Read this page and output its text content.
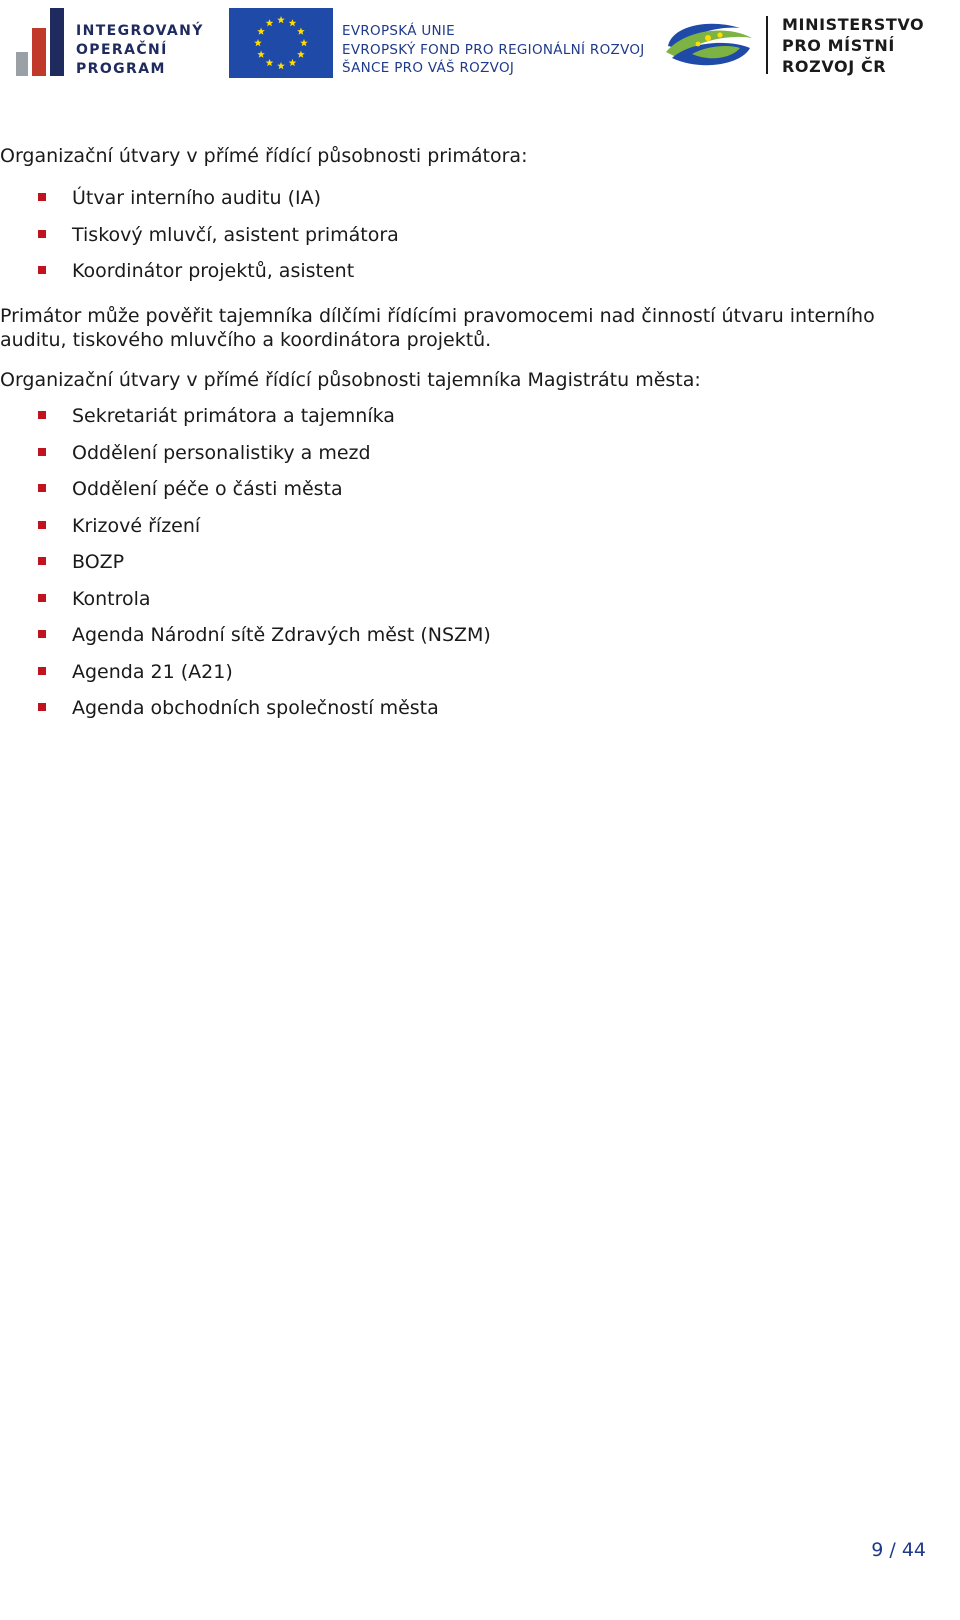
INTEGROVANÝ
OPERAČNÍ
PROGRAM
EVROPSKÁ UNIE
EVROPSKÝ FOND PRO REGIONÁLNÍ ROZVOJ
ŠANCE PRO VÁŠ ROZVOJ
MINISTERSTVO
PRO MÍSTNÍ
ROZVOJ ČR

Organizační útvary v přímé řídící působnosti primátora:

Útvar interního auditu (IA)
Tiskový mluvčí, asistent primátora
Koordinátor projektů, asistent

Primátor může pověřit tajemníka dílčími řídícími pravomocemi nad činností útvaru interního auditu, tiskového mluvčího a koordinátora projektů.

Organizační útvary v přímé řídící působnosti tajemníka Magistrátu města:

Sekretariát primátora a tajemníka
Oddělení personalistiky a mezd
Oddělení péče o části města
Krizové řízení
BOZP
Kontrola
Agenda Národní sítě Zdravých měst (NSZM)
Agenda 21 (A21)
Agenda obchodních společností města
9 / 44
